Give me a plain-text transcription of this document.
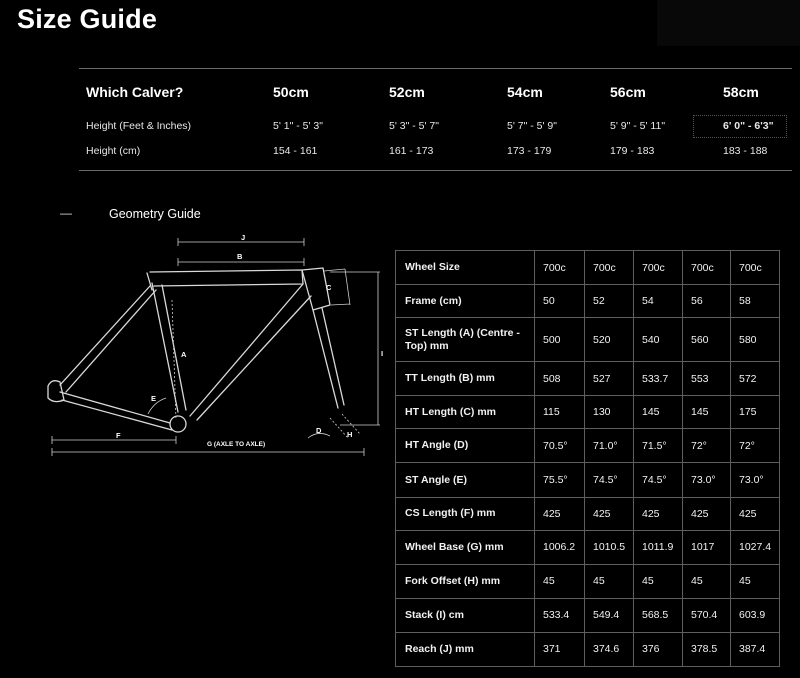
Size Guide
Which Calver?	50cm	52cm	54cm	56cm	58cm
Height (Feet & Inches)	5' 1" - 5' 3"	5' 3" - 5' 7"	5' 7" - 5' 9"	5' 9" - 5' 11"	6' 0" - 6'3"
Height (cm)	154 - 161	161 - 173	173 - 179	179 - 183	183 - 188
—	Geometry Guide
J
B
C
I
A
E
F
G (AXLE TO AXLE)
D	H
Wheel Size	700c	700c	700c	700c	700c
Frame (cm)	50	52	54	56	58
ST Length (A) (Centre - Top) mm	500	520	540	560	580
TT Length (B) mm	508	527	533.7	553	572
HT Length (C) mm	115	130	145	145	175
HT Angle (D)	70.5°	71.0°	71.5°	72°	72°
ST Angle (E)	75.5°	74.5°	74.5°	73.0°	73.0°
CS Length (F) mm	425	425	425	425	425
Wheel Base (G) mm	1006.2	1010.5	1011.9	1017	1027.4
Fork Offset (H) mm	45	45	45	45	45
Stack (I) cm	533.4	549.4	568.5	570.4	603.9
Reach (J) mm	371	374.6	376	378.5	387.4
